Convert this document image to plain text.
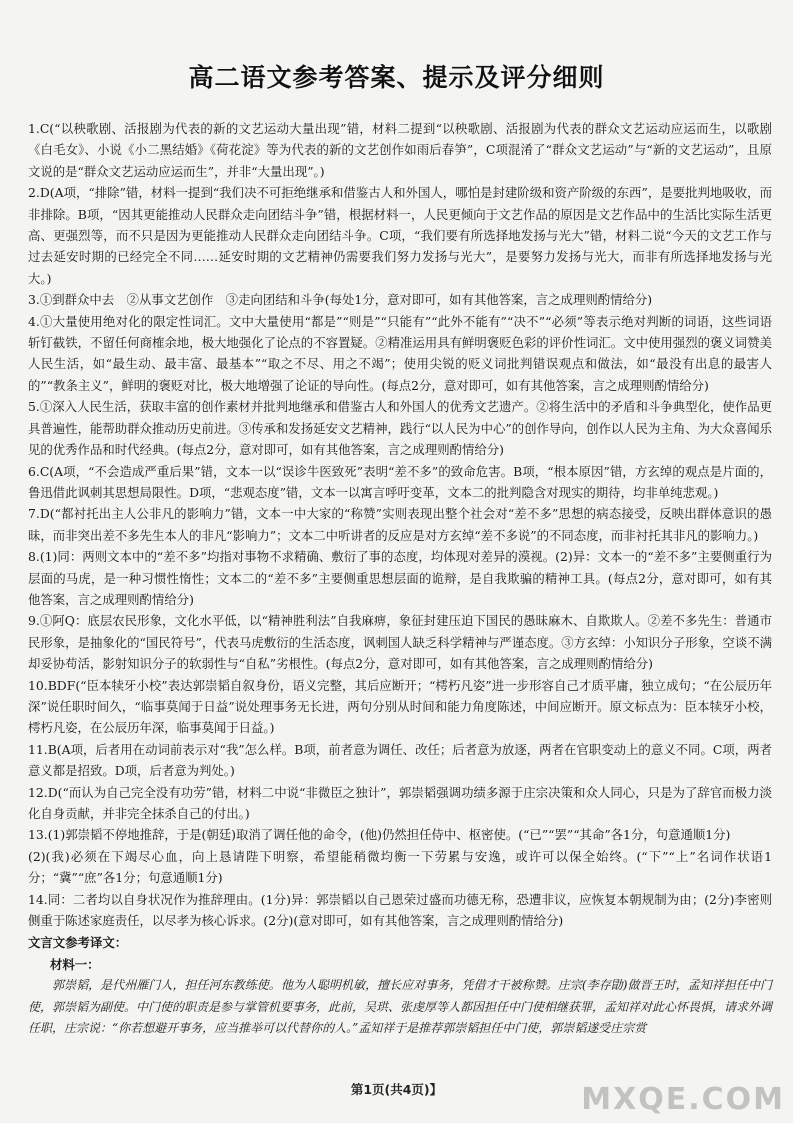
高二语文参考答案、提示及评分细则
1.C(“以秧歌剧、活报剧为代表的新的文艺运动大量出现”错，材料二提到“以秧歌剧、活报剧为代表的群众文艺运动应运而生，以歌剧《白毛女》、小说《小二黑结婚》《荷花淀》等为代表的新的文艺创作如雨后春笋”，C项混淆了“群众文艺运动”与“新的文艺运动”，且原文说的是“群众文艺运动应运而生”，并非“大量出现”。)
2.D(A项，“排除”错，材料一提到“我们决不可拒绝继承和借鉴古人和外国人，哪怕是封建阶级和资产阶级的东西”，是要批判地吸收，而非排除。B项，“因其更能推动人民群众走向团结斗争”错，根据材料一，人民更倾向于文艺作品的原因是文艺作品中的生活比实际生活更高、更强烈等，而不只是因为更能推动人民群众走向团结斗争。C项，“我们要有所选择地发扬与光大”错，材料二说“今天的文艺工作与过去延安时期的已经完全不同……延安时期的文艺精神仍需要我们努力发扬与光大”，是要努力发扬与光大，而非有所选择地发扬与光大。)
3.①到群众中去　②从事文艺创作　③走向团结和斗争(每处1分，意对即可，如有其他答案，言之成理则酌情给分)
4.①大量使用绝对化的限定性词汇。文中大量使用“都是”“则是”“只能有”“此外不能有”“决不”“必须”等表示绝对判断的词语，这些词语斩钉截铁，不留任何商榷余地，极大地强化了论点的不容置疑。②精准运用具有鲜明褒贬色彩的评价性词汇。文中使用强烈的褒义词赞美人民生活，如“最生动、最丰富、最基本”“取之不尽、用之不竭”；使用尖锐的贬义词批判错误观点和做法，如“最没有出息的最害人的”“教条主义”，鲜明的褒贬对比，极大地增强了论证的导向性。(每点2分，意对即可，如有其他答案，言之成理则酌情给分)
5.①深入人民生活，获取丰富的创作素材并批判地继承和借鉴古人和外国人的优秀文艺遗产。②将生活中的矛盾和斗争典型化，使作品更具普遍性，能帮助群众推动历史前进。③传承和发扬延安文艺精神，践行“以人民为中心”的创作导向，创作以人民为主角、为大众喜闻乐见的优秀作品和时代经典。(每点2分，意对即可，如有其他答案，言之成理则酌情给分)
6.C(A项，“不会造成严重后果”错，文本一以“误诊牛医致死”表明“差不多”的致命危害。B项，“根本原因”错，方玄绰的观点是片面的，鲁迅借此讽刺其思想局限性。D项，“悲观态度”错，文本一以寓言呼吁变革，文本二的批判隐含对现实的期待，均非单纯悲观。)
7.D(“都衬托出主人公非凡的影响力”错，文本一中大家的“称赞”实则表现出整个社会对“差不多”思想的病态接受，反映出群体意识的愚昧，而非突出差不多先生本人的非凡“影响力”；文本二中听讲者的反应是对方玄绰“差不多说”的不同态度，而非衬托其非凡的影响力。)
8.(1)同：两则文本中的“差不多”均指对事物不求精确、敷衍了事的态度，均体现对差异的漠视。(2)异：文本一的“差不多”主要侧重行为层面的马虎，是一种习惯性惰性；文本二的“差不多”主要侧重思想层面的诡辩，是自我欺骗的精神工具。(每点2分，意对即可，如有其他答案，言之成理则酌情给分)
9.①阿Q：底层农民形象，文化水平低，以“精神胜利法”自我麻痹，象征封建压迫下国民的愚昧麻木、自欺欺人。②差不多先生：普通市民形象，是抽象化的“国民符号”，代表马虎敷衍的生活态度，讽刺国人缺乏科学精神与严谨态度。③方玄绰：小知识分子形象，空谈不满却妥协苟活，影射知识分子的软弱性与“自私”劣根性。(每点2分，意对即可，如有其他答案，言之成理则酌情给分)
10.BDF(“臣本犊牙小校”表达郭崇韬自叙身份，语义完整，其后应断开；“樗朽凡姿”进一步形容自己才质平庸，独立成句；“在公辰历年深”说任职时间久，“临事莫闻于日益”说处理事务无长进，两句分别从时间和能力角度陈述，中间应断开。原文标点为：臣本犊牙小校，樗朽凡姿，在公辰历年深，临事莫闻于日益。)
11.B(A项，后者用在动词前表示对“我”怎么样。B项，前者意为调任、改任；后者意为放逐，两者在官职变动上的意义不同。C项，两者意义都是招致。D项，后者意为判处。)
12.D(“而认为自己完全没有功劳”错，材料二中说“非微臣之独计”，郭崇韬强调功绩多源于庄宗决策和众人同心，只是为了辞官而极力淡化自身贡献，并非完全抹杀自己的付出。)
13.(1)郭崇韬不停地推辞，于是(朝廷)取消了调任他的命令，(他)仍然担任侍中、枢密使。(“已”“罢”“其命”各1分，句意通顺1分)
(2)(我)必须在下竭尽心血，向上恳请陛下明察，希望能稍微均衡一下劳累与安逸，或许可以保全始终。(“下”“上”名词作状语1分；“冀”“庶”各1分；句意通顺1分)
14.同：二者均以自身状况作为推辞理由。(1分)异：郭崇韬以自己恩荣过盛而功德无称，恐遭非议，应恢复本朝规制为由；(2分)李密则侧重于陈述家庭责任，以尽孝为核心诉求。(2分)(意对即可，如有其他答案，言之成理则酌情给分)
文言文参考译文：
材料一：
郭崇韬，是代州雁门人，担任河东教练使。他为人聪明机敏，擅长应对事务，凭借才干被称赞。庄宗(李存勖)做晋王时，孟知祥担任中门使，郭崇韬为副使。中门使的职责是参与掌管机要事务，此前，吴珙、张虔厚等人都因担任中门使相继获罪，孟知祥对此心怀畏惧，请求外调任职，庄宗说：“你若想避开事务，应当推举可以代替你的人。”孟知祥于是推荐郭崇韬担任中门使，郭崇韬遂受庄宗赏
第1页(共4页)】	MXQE.COM
